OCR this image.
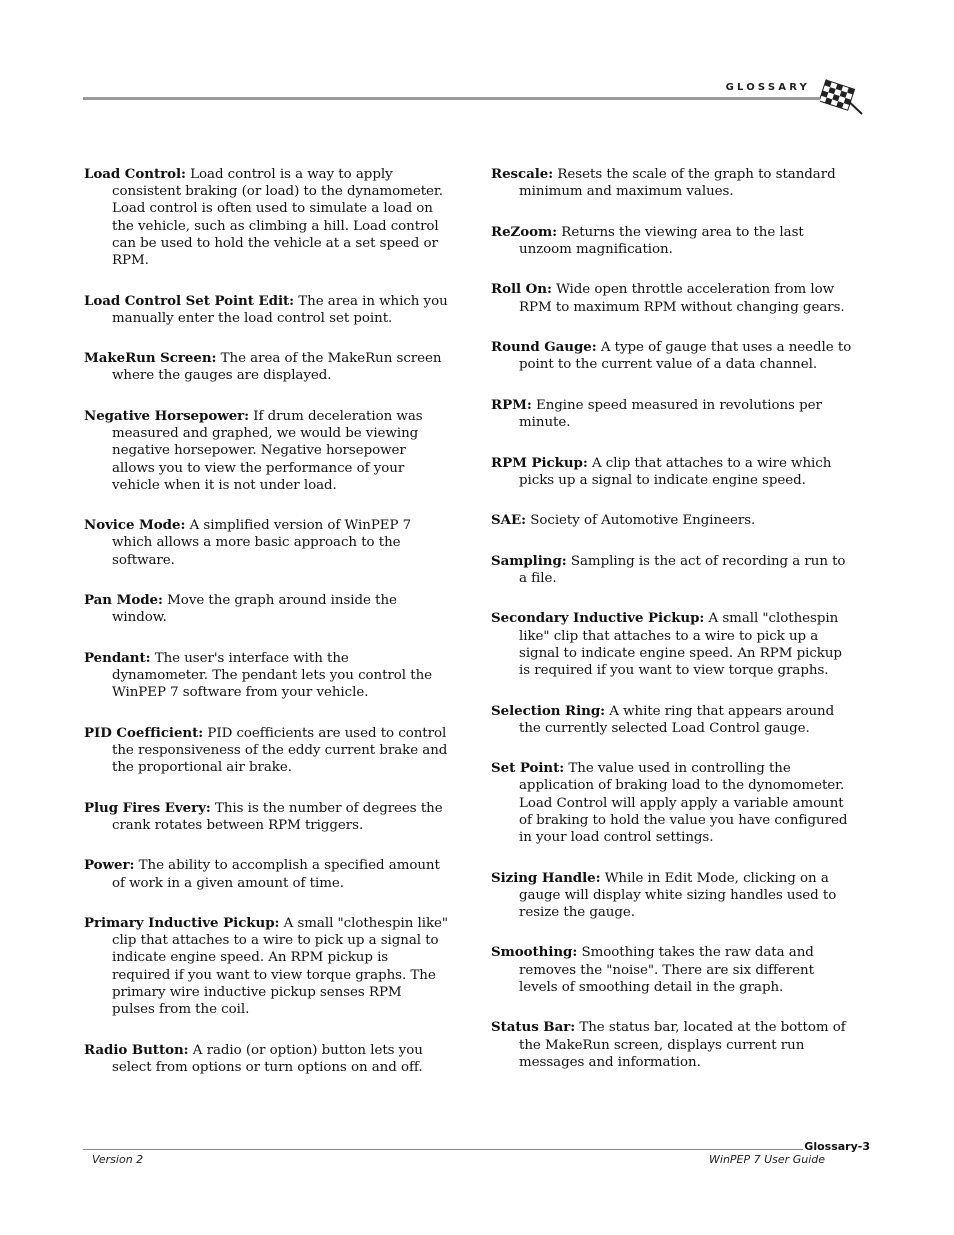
GLOSSARY

Load Control: Load control is a way to apply consistent braking (or load) to the dynamometer. Load control is often used to simulate a load on the vehicle, such as climbing a hill. Load control can be used to hold the vehicle at a set speed or RPM.

Load Control Set Point Edit: The area in which you manually enter the load control set point.

MakeRun Screen: The area of the MakeRun screen where the gauges are displayed.

Negative Horsepower: If drum deceleration was measured and graphed, we would be viewing negative horsepower. Negative horsepower allows you to view the performance of your vehicle when it is not under load.

Novice Mode: A simplified version of WinPEP 7 which allows a more basic approach to the software.

Pan Mode: Move the graph around inside the window.

Pendant: The user's interface with the dynamometer. The pendant lets you control the WinPEP 7 software from your vehicle.

PID Coefficient: PID coefficients are used to control the responsiveness of the eddy current brake and the proportional air brake.

Plug Fires Every: This is the number of degrees the crank rotates between RPM triggers.

Power: The ability to accomplish a specified amount of work in a given amount of time.

Primary Inductive Pickup: A small "clothespin like" clip that attaches to a wire to pick up a signal to indicate engine speed. An RPM pickup is required if you want to view torque graphs. The primary wire inductive pickup senses RPM pulses from the coil.

Radio Button: A radio (or option) button lets you select from options or turn options on and off.

Rescale: Resets the scale of the graph to standard minimum and maximum values.

ReZoom: Returns the viewing area to the last unzoom magnification.

Roll On: Wide open throttle acceleration from low RPM to maximum RPM without changing gears.

Round Gauge: A type of gauge that uses a needle to point to the current value of a data channel.

RPM: Engine speed measured in revolutions per minute.

RPM Pickup: A clip that attaches to a wire which picks up a signal to indicate engine speed.

SAE: Society of Automotive Engineers.

Sampling: Sampling is the act of recording a run to a file.

Secondary Inductive Pickup: A small "clothespin like" clip that attaches to a wire to pick up a signal to indicate engine speed. An RPM pickup is required if you want to view torque graphs.

Selection Ring: A white ring that appears around the currently selected Load Control gauge.

Set Point: The value used in controlling the application of braking load to the dynomometer. Load Control will apply apply a variable amount of braking to hold the value you have configured in your load control settings.

Sizing Handle: While in Edit Mode, clicking on a gauge will display white sizing handles used to resize the gauge.

Smoothing: Smoothing takes the raw data and removes the "noise". There are six different levels of smoothing detail in the graph.

Status Bar: The status bar, located at the bottom of the MakeRun screen, displays current run messages and information.

Glossary-3
Version 2	WinPEP 7 User Guide
